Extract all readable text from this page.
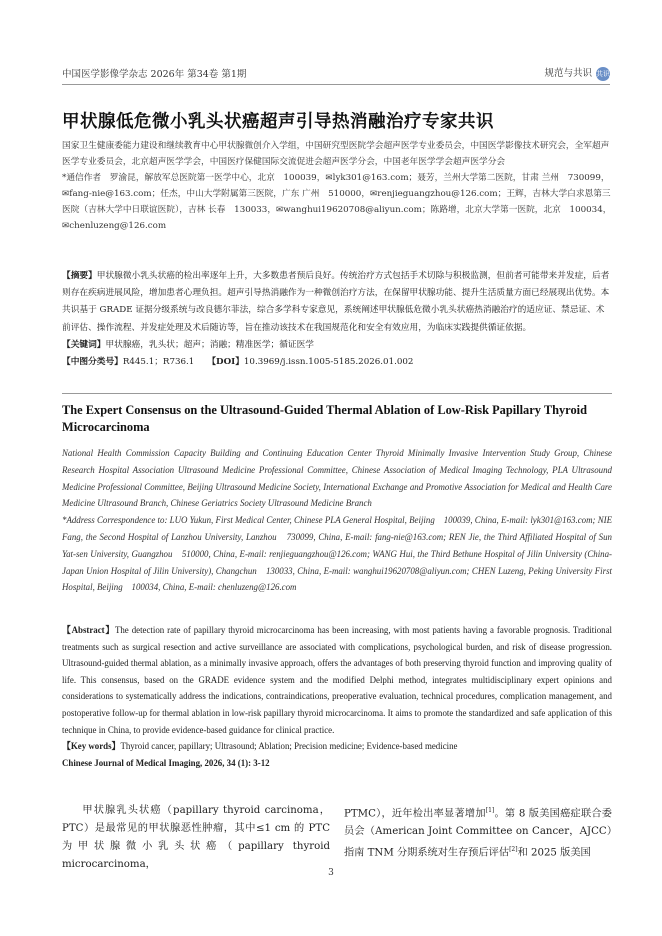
中国医学影像学杂志 2026年 第34卷 第1期	规范与共识 共识
甲状腺低危微小乳头状癌超声引导热消融治疗专家共识

国家卫生健康委能力建设和继续教育中心甲状腺微创介入学组，中国研究型医院学会超声医学专业委员会，中国医学影像技术研究会，全军超声医学专业委员会，北京超声医学学会，中国医疗保健国际交流促进会超声医学分会，中国老年医学学会超声医学分会

*通信作者　罗渝昆，解放军总医院第一医学中心，北京　100039，✉lyk301@163.com；聂芳，兰州大学第二医院，甘肃 兰州　730099，✉fang-nie@163.com；任杰，中山大学附属第三医院，广东 广州　510000，✉renjieguangzhou@126.com；王辉，吉林大学白求恩第三医院（吉林大学中日联谊医院），吉林 长春　130033，✉wanghui19620708@aliyun.com；陈路增，北京大学第一医院，北京　100034，✉chenluzeng@126.com

【摘要】甲状腺微小乳头状癌的检出率逐年上升，大多数患者预后良好。传统治疗方式包括手术切除与积极监测，但前者可能带来并发症，后者则存在疾病进展风险，增加患者心理负担。超声引导热消融作为一种微创治疗方法，在保留甲状腺功能、提升生活质量方面已经展现出优势。本共识基于 GRADE 证据分级系统与改良德尔菲法，综合多学科专家意见，系统阐述甲状腺低危微小乳头状癌热消融治疗的适应证、禁忌证、术前评估、操作流程、并发症处理及术后随访等，旨在推动该技术在我国规范化和安全有效应用，为临床实践提供循证依据。

【关键词】甲状腺癌，乳头状；超声；消融；精准医学；循证医学

【中图分类号】R445.1；R736.1　　 【DOI】10.3969/j.issn.1005-5185.2026.01.002

The Expert Consensus on the Ultrasound-Guided Thermal Ablation of Low-Risk Papillary Thyroid Microcarcinoma

National Health Commission Capacity Building and Continuing Education Center Thyroid Minimally Invasive Intervention Study Group, Chinese Research Hospital Association Ultrasound Medicine Professional Committee, Chinese Association of Medical Imaging Technology, PLA Ultrasound Medicine Professional Committee, Beijing Ultrasound Medicine Society, International Exchange and Promotive Association for Medical and Health Care Medicine Ultrasound Branch, Chinese Geriatrics Society Ultrasound Medicine Branch

*Address Correspondence to: LUO Yukun, First Medical Center, Chinese PLA General Hospital, Beijing　100039, China, E-mail: lyk301@163.com; NIE Fang, the Second Hospital of Lanzhou University, Lanzhou　730099, China, E-mail: fang-nie@163.com; REN Jie, the Third Affiliated Hospital of Sun Yat-sen University, Guangzhou　510000, China, E-mail: renjieguangzhou@126.com; WANG Hui, the Third Bethune Hospital of Jilin University (China-Japan Union Hospital of Jilin University), Changchun　130033, China, E-mail: wanghui19620708@aliyun.com; CHEN Luzeng, Peking University First Hospital, Beijing　100034, China, E-mail: chenluzeng@126.com

【Abstract】The detection rate of papillary thyroid microcarcinoma has been increasing, with most patients having a favorable prognosis. Traditional treatments such as surgical resection and active surveillance are associated with complications, psychological burden, and risk of disease progression. Ultrasound-guided thermal ablation, as a minimally invasive approach, offers the advantages of both preserving thyroid function and improving quality of life. This consensus, based on the GRADE evidence system and the modified Delphi method, integrates multidisciplinary expert opinions and considerations to systematically address the indications, contraindications, preoperative evaluation, technical procedures, complication management, and postoperative follow-up for thermal ablation in low-risk papillary thyroid microcarcinoma. It aims to promote the standardized and safe application of this technique in China, to provide evidence-based guidance for clinical practice.

【Key words】Thyroid cancer, papillary; Ultrasound; Ablation; Precision medicine; Evidence-based medicine

Chinese Journal of Medical Imaging, 2026, 34 (1): 3-12

甲状腺乳头状癌（papillary thyroid carcinoma，PTC）是最常见的甲状腺恶性肿瘤，其中≤1 cm 的 PTC 为甲状腺微小乳头状癌（papillary thyroid microcarcinoma，

PTMC），近年检出率显著增加[1]。第 8 版美国癌症联合委员会（American Joint Committee on Cancer，AJCC）指南 TNM 分期系统对生存预后评估[2]和 2025 版美国

3
